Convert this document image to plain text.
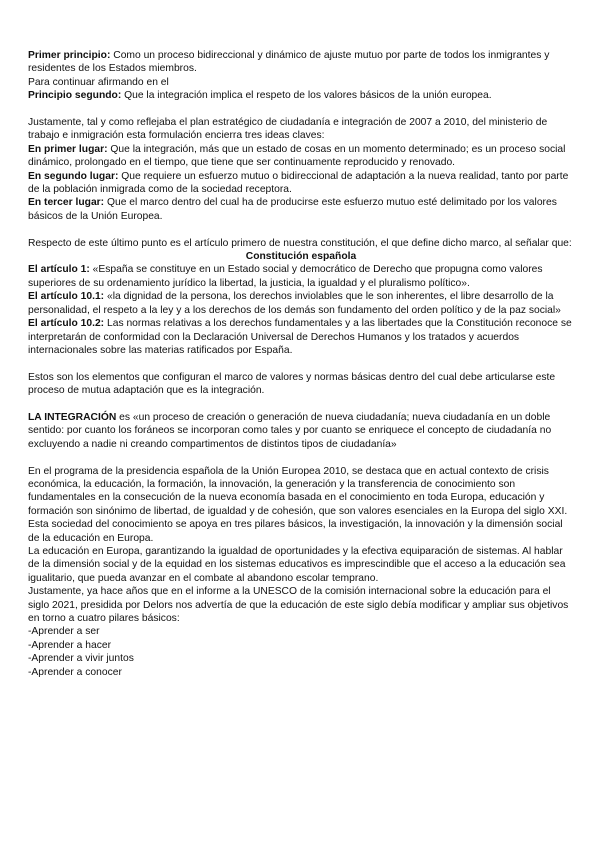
Primer principio: Como un proceso bidireccional y dinámico de ajuste mutuo por parte de todos los inmigrantes y residentes de los Estados miembros.

Para continuar afirmando en el

Principio segundo: Que la integración implica el respeto de los valores básicos de la unión europea.

Justamente, tal y como reflejaba el plan estratégico de ciudadanía e integración de 2007 a 2010, del ministerio de trabajo e inmigración esta formulación encierra tres ideas claves:

En primer lugar: Que la integración, más que un estado de cosas en un momento determinado; es un proceso social dinámico, prolongado en el tiempo, que tiene que ser continuamente reproducido y renovado.

En segundo lugar: Que requiere un esfuerzo mutuo o bidireccional de adaptación a la nueva realidad, tanto por parte de la población inmigrada como de la sociedad receptora.

En tercer lugar: Que el marco dentro del cual ha de producirse este esfuerzo mutuo esté delimitado por los valores básicos de la Unión Europea.

Respecto de este último punto es el artículo primero de nuestra constitución, el que define dicho marco, al señalar que:

Constitución española

El artículo 1: «España se constituye en un Estado social y democrático de Derecho que propugna como valores superiores de su ordenamiento jurídico la libertad, la justicia, la igualdad y el pluralismo político».

El artículo 10.1: «la dignidad de la persona, los derechos inviolables que le son inherentes, el libre desarrollo de la personalidad, el respeto a la ley y a los derechos de los demás son fundamento del orden político y de la paz social»

El artículo 10.2: Las normas relativas a los derechos fundamentales y a las libertades que la Constitución reconoce se interpretarán de conformidad con la Declaración Universal de Derechos Humanos y los tratados y acuerdos internacionales sobre las materias ratificados por España.

Estos son los elementos que configuran el marco de valores y normas básicas dentro del cual debe articularse este proceso de mutua adaptación que es la integración.

LA INTEGRACIÓN es «un proceso de creación o generación de nueva ciudadanía; nueva ciudadanía en un doble sentido: por cuanto los foráneos se incorporan como tales y por cuanto se enriquece el concepto de ciudadanía no excluyendo a nadie ni creando compartimentos de distintos tipos de ciudadanía»

En el programa de la presidencia española de la Unión Europea 2010, se destaca que en actual contexto de crisis económica, la educación, la formación, la innovación, la generación y la transferencia de conocimiento son fundamentales en la consecución de la nueva economía basada en el conocimiento en toda Europa, educación y formación son sinónimo de libertad, de igualdad y de cohesión, que son valores esenciales en la Europa del siglo XXI. Esta sociedad del conocimiento se apoya en tres pilares básicos, la investigación, la innovación y la dimensión social de la educación en Europa.

La educación en Europa, garantizando la igualdad de oportunidades y la efectiva equiparación de sistemas. Al hablar de la dimensión social y de la equidad en los sistemas educativos es imprescindible que el acceso a la educación sea igualitario, que pueda avanzar en el combate al abandono escolar temprano.

Justamente, ya hace años que en el informe a la UNESCO de la comisión internacional sobre la educación para el siglo 2021, presidida por Delors nos advertía de que la educación de este siglo debía modificar y ampliar sus objetivos en torno a cuatro pilares básicos:

-Aprender a ser

-Aprender a hacer

-Aprender a vivir juntos

-Aprender a conocer
